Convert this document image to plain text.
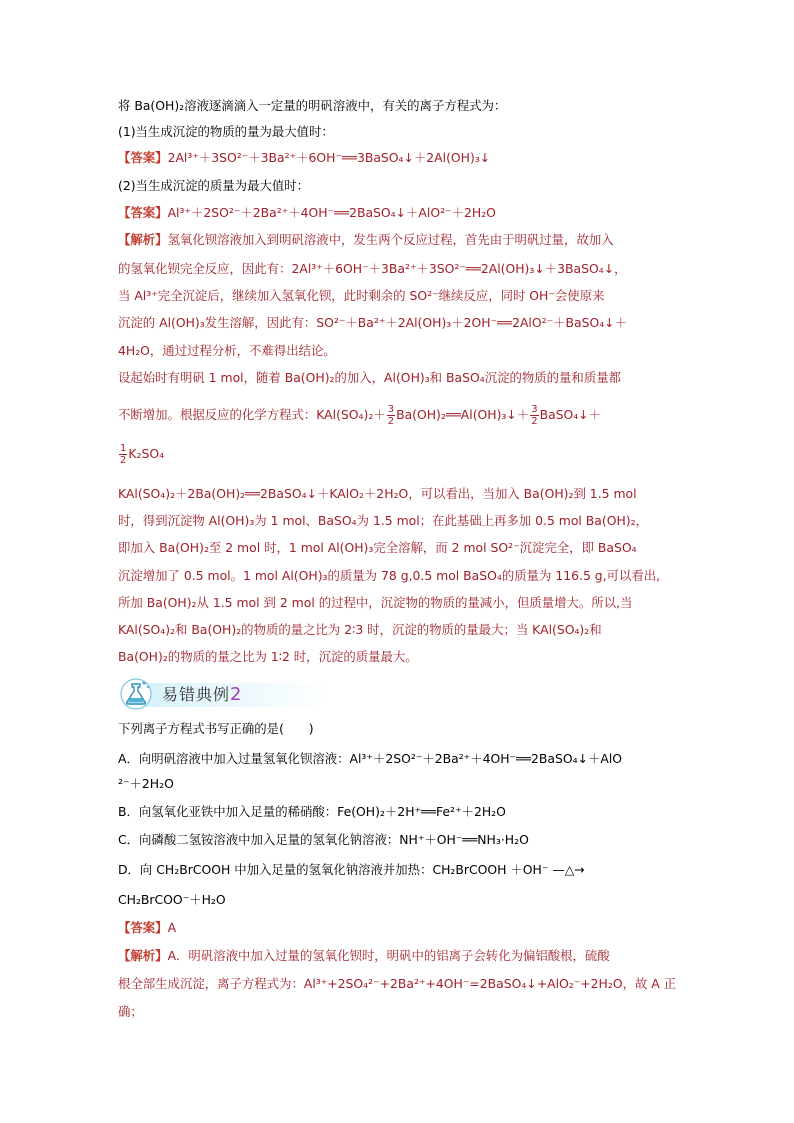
将 Ba(OH)₂溶液逐滴滴入一定量的明矾溶液中，有关的离子方程式为：
(1)当生成沉淀的物质的量为最大值时：
【答案】2Al³⁺＋3SO²⁻＋3Ba²⁺＋6OH⁻══3BaSO₄↓＋2Al(OH)₃↓
(2)当生成沉淀的质量为最大值时：
【答案】Al³⁺＋2SO²⁻＋2Ba²⁺＋4OH⁻══2BaSO₄↓＋AlO²⁻＋2H₂O
【解析】氢氧化钡溶液加入到明矾溶液中，发生两个反应过程，首先由于明矾过量，故加入
的氢氧化钡完全反应，因此有：2Al³⁺＋6OH⁻＋3Ba²⁺＋3SO²⁻══2Al(OH)₃↓＋3BaSO₄↓，
当 Al³⁺完全沉淀后，继续加入氢氧化钡，此时剩余的 SO²⁻继续反应，同时 OH⁻会使原来
沉淀的 Al(OH)₃发生溶解，因此有：SO²⁻＋Ba²⁺＋2Al(OH)₃＋2OH⁻══2AlO²⁻＋BaSO₄↓＋
4H₂O，通过过程分析，不难得出结论。
设起始时有明矾 1 mol，随着 Ba(OH)₂的加入，Al(OH)₃和 BaSO₄沉淀的物质的量和质量都
不断增加。根据反应的化学方程式：$KAl(SO_4)_2+ \frac{3}{2}$ Ba(OH)₂══Al(OH)₃↓＋ $\frac{3}{2}$ BaSO₄↓＋
$\frac{1}{2} K_2SO_4$
KAl(SO₄)₂＋2Ba(OH)₂══2BaSO₄↓＋KAlO₂＋2H₂O，可以看出，当加入 Ba(OH)₂到 1.5 mol
时，得到沉淀物 Al(OH)₃为 1 mol、BaSO₄为 1.5 mol；在此基础上再多加 0.5 mol Ba(OH)₂，
即加入 Ba(OH)₂至 2 mol 时，1 mol Al(OH)₃完全溶解，而 2 mol SO²⁻沉淀完全，即 BaSO₄
沉淀增加了 0.5 mol。1 mol Al(OH)₃的质量为 78 g,0.5 mol BaSO₄的质量为 116.5 g,可以看出,
所加 Ba(OH)₂从 1.5 mol 到 2 mol 的过程中，沉淀物的物质的量减小，但质量增大。所以,当
KAl(SO₄)₂和 Ba(OH)₂的物质的量之比为 2∶3 时，沉淀的物质的量最大；当 KAl(SO₄)₂和
Ba(OH)₂的物质的量之比为 1∶2 时，沉淀的质量最大。
易错典例2
下列离子方程式书写正确的是(　　)
A．向明矾溶液中加入过量氢氧化钡溶液：Al³⁺＋2SO²⁻＋2Ba²⁺＋4OH⁻══2BaSO₄↓＋AlO
²⁻＋2H₂O
B．向氢氧化亚铁中加入足量的稀硝酸：Fe(OH)₂＋2H⁺══Fe²⁺＋2H₂O
C．向磷酸二氢铵溶液中加入足量的氢氧化钠溶液：NH⁺＋OH⁻══NH₃·H₂O
D．向 CH₂BrCOOH 中加入足量的氢氧化钠溶液并加热：CH₂BrCOOH ＋OH⁻ —△→
CH₂BrCOO⁻＋H₂O
【答案】A
【解析】A．明矾溶液中加入过量的氢氧化钡时，明矾中的铝离子会转化为偏铝酸根，硫酸
根全部生成沉淀，离子方程式为：Al³⁺+2SO₄²⁻+2Ba²⁺+4OH⁻=2BaSO₄↓+AlO₂⁻+2H₂O，故 A 正
确；
